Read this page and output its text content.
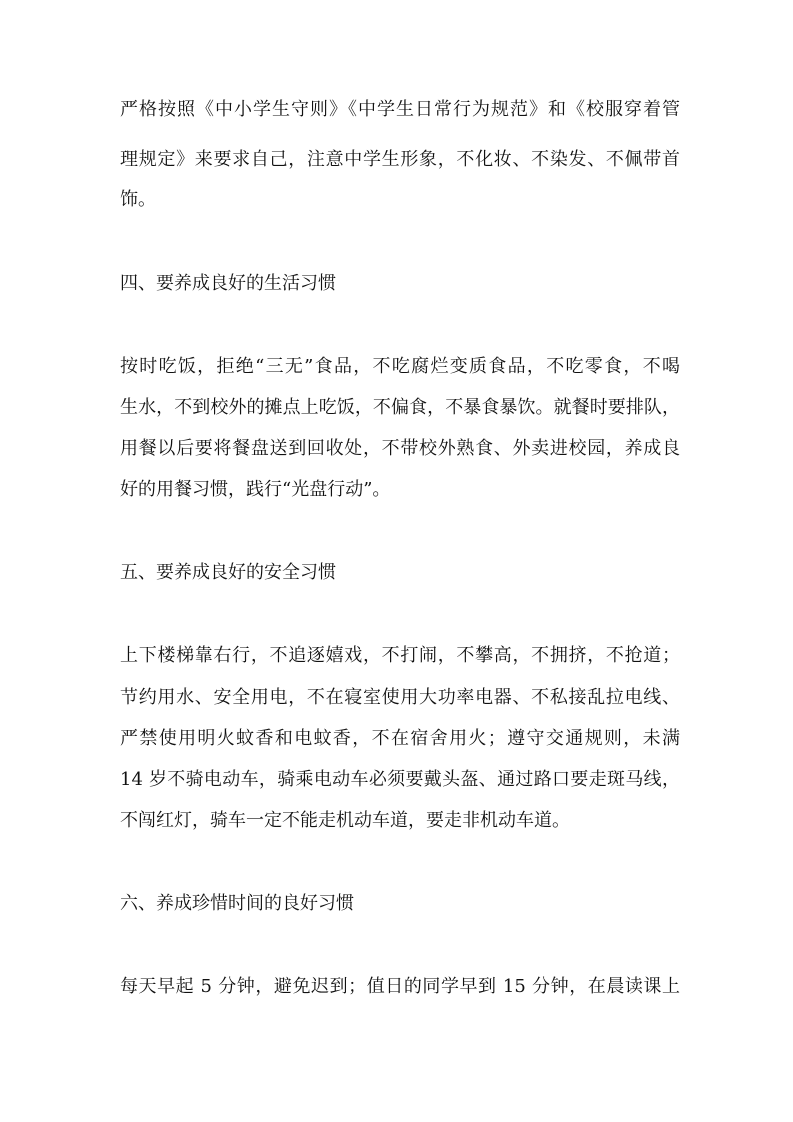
严格按照《中小学生守则》《中学生日常行为规范》和《校服穿着管

理规定》来要求自己，注意中学生形象，不化妆、不染发、不佩带首

饰。

四、要养成良好的生活习惯

按时吃饭，拒绝“三无”食品，不吃腐烂变质食品，不吃零食，不喝

生水，不到校外的摊点上吃饭，不偏食，不暴食暴饮。就餐时要排队，

用餐以后要将餐盘送到回收处，不带校外熟食、外卖进校园，养成良

好的用餐习惯，践行“光盘行动”。

五、要养成良好的安全习惯

上下楼梯靠右行，不追逐嬉戏，不打闹，不攀高，不拥挤，不抢道；

节约用水、安全用电，不在寝室使用大功率电器、不私接乱拉电线、

严禁使用明火蚊香和电蚊香，不在宿舍用火；遵守交通规则，未满

14 岁不骑电动车，骑乘电动车必须要戴头盔、通过路口要走斑马线，

不闯红灯，骑车一定不能走机动车道，要走非机动车道。

六、养成珍惜时间的良好习惯

每天早起 5 分钟，避免迟到；值日的同学早到 15 分钟，在晨读课上
